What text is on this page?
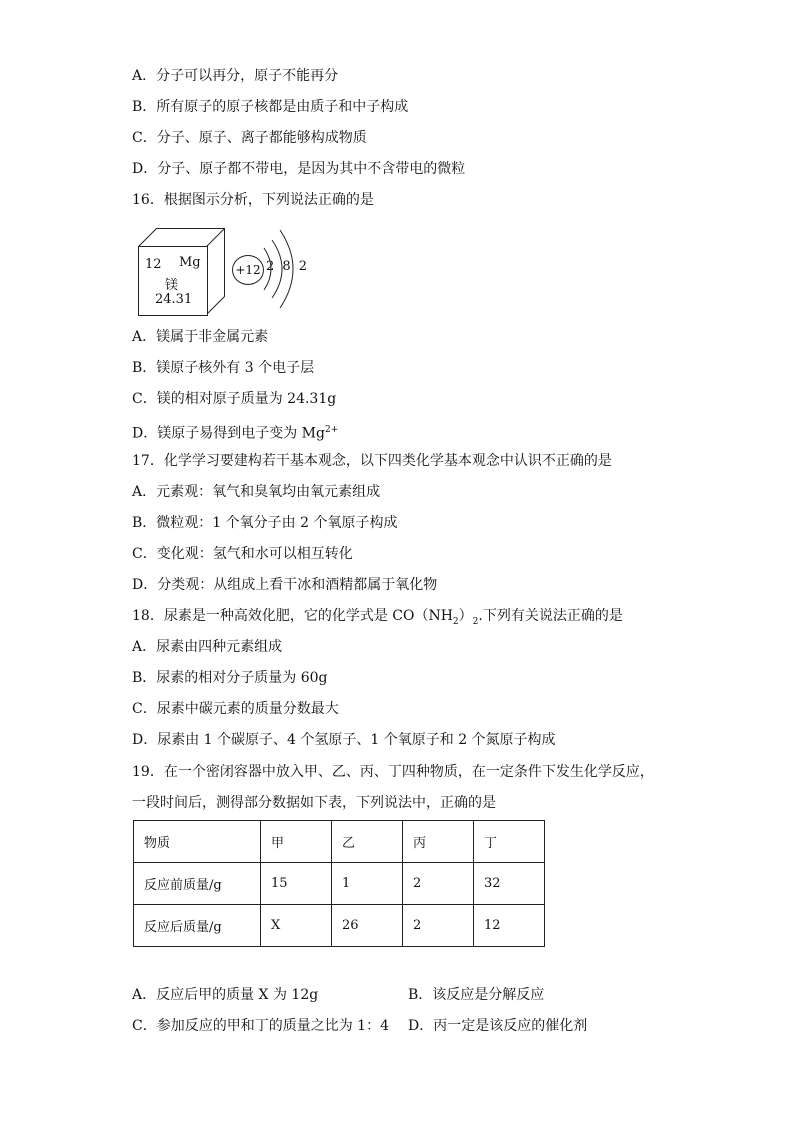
A．分子可以再分，原子不能再分
B．所有原子的原子核都是由质子和中子构成
C．分子、原子、离子都能够构成物质
D．分子、原子都不带电，是因为其中不含带电的微粒
16．根据图示分析，下列说法正确的是
12 Mg
镁
24.31
+12 2 8 2
A．镁属于非金属元素
B．镁原子核外有 3 个电子层
C．镁的相对原子质量为 24.31g
D．镁原子易得到电子变为 $Mg^{2+}$
17．化学学习要建构若干基本观念，以下四类化学基本观念中认识不正确的是
A．元素观：氧气和臭氧均由氧元素组成
B．微粒观：1 个氧分子由 2 个氧原子构成
C．变化观：氢气和水可以相互转化
D．分类观：从组成上看干冰和酒精都属于氧化物
18．尿素是一种高效化肥，它的化学式是 $CO(NH_2)_2$.下列有关说法正确的是
A．尿素由四种元素组成
B．尿素的相对分子质量为 60g
C．尿素中碳元素的质量分数最大
D．尿素由 1 个碳原子、4 个氢原子、1 个氧原子和 2 个氮原子构成
19．在一个密闭容器中放入甲、乙、丙、丁四种物质，在一定条件下发生化学反应，
一段时间后，测得部分数据如下表，下列说法中，正确的是
物质	甲	乙	丙	丁
反应前质量/g	15	1	2	32
反应后质量/g	X	26	2	12
A．反应后甲的质量 X 为 12g	B．该反应是分解反应
C．参加反应的甲和丁的质量之比为 1：4 D．丙一定是该反应的催化剂
